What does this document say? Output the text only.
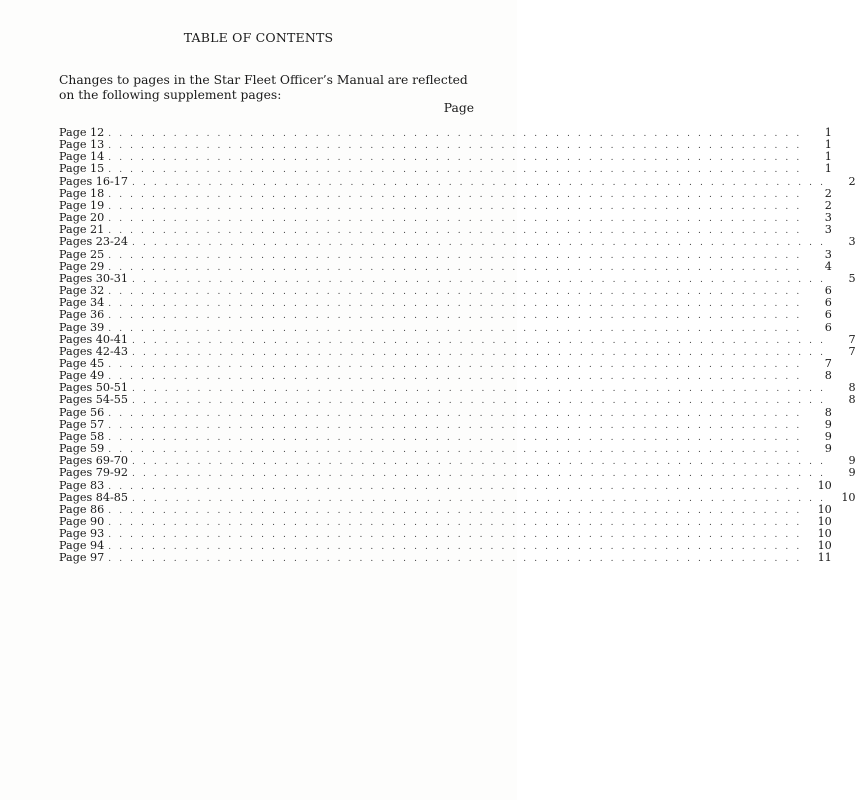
TABLE OF CONTENTS
Changes to pages in the Star Fleet Officer’s Manual are reflected on the following supplement pages:
Page
Page 12 . . . . . . . . . . . . . . . . . . . . . . . . . . . . . . . . . . . . . . . . . . . . . . . . . . . . . . . . . . . . . . . .	1
Page 13 . . . . . . . . . . . . . . . . . . . . . . . . . . . . . . . . . . . . . . . . . . . . . . . . . . . . . . . . . . . . . . . .	1
Page 14 . . . . . . . . . . . . . . . . . . . . . . . . . . . . . . . . . . . . . . . . . . . . . . . . . . . . . . . . . . . . . . . .	1
Page 15 . . . . . . . . . . . . . . . . . . . . . . . . . . . . . . . . . . . . . . . . . . . . . . . . . . . . . . . . . . . . . . . .	1
Pages 16-17 . . . . . . . . . . . . . . . . . . . . . . . . . . . . . . . . . . . . . . . . . . . . . . . . . . . . . . . . . . . . . . . .	2
Page 18 . . . . . . . . . . . . . . . . . . . . . . . . . . . . . . . . . . . . . . . . . . . . . . . . . . . . . . . . . . . . . . . .	2
Page 19 . . . . . . . . . . . . . . . . . . . . . . . . . . . . . . . . . . . . . . . . . . . . . . . . . . . . . . . . . . . . . . . .	2
Page 20 . . . . . . . . . . . . . . . . . . . . . . . . . . . . . . . . . . . . . . . . . . . . . . . . . . . . . . . . . . . . . . . .	3
Page 21 . . . . . . . . . . . . . . . . . . . . . . . . . . . . . . . . . . . . . . . . . . . . . . . . . . . . . . . . . . . . . . . .	3
Pages 23-24 . . . . . . . . . . . . . . . . . . . . . . . . . . . . . . . . . . . . . . . . . . . . . . . . . . . . . . . . . . . . . . . .	3
Page 25 . . . . . . . . . . . . . . . . . . . . . . . . . . . . . . . . . . . . . . . . . . . . . . . . . . . . . . . . . . . . . . . .	3
Page 29 . . . . . . . . . . . . . . . . . . . . . . . . . . . . . . . . . . . . . . . . . . . . . . . . . . . . . . . . . . . . . . . .	4
Pages 30-31 . . . . . . . . . . . . . . . . . . . . . . . . . . . . . . . . . . . . . . . . . . . . . . . . . . . . . . . . . . . . . . . .	5
Page 32 . . . . . . . . . . . . . . . . . . . . . . . . . . . . . . . . . . . . . . . . . . . . . . . . . . . . . . . . . . . . . . . .	6
Page 34 . . . . . . . . . . . . . . . . . . . . . . . . . . . . . . . . . . . . . . . . . . . . . . . . . . . . . . . . . . . . . . . .	6
Page 36 . . . . . . . . . . . . . . . . . . . . . . . . . . . . . . . . . . . . . . . . . . . . . . . . . . . . . . . . . . . . . . . .	6
Page 39 . . . . . . . . . . . . . . . . . . . . . . . . . . . . . . . . . . . . . . . . . . . . . . . . . . . . . . . . . . . . . . . .	6
Pages 40-41 . . . . . . . . . . . . . . . . . . . . . . . . . . . . . . . . . . . . . . . . . . . . . . . . . . . . . . . . . . . . . . . .	7
Pages 42-43 . . . . . . . . . . . . . . . . . . . . . . . . . . . . . . . . . . . . . . . . . . . . . . . . . . . . . . . . . . . . . . . .	7
Page 45 . . . . . . . . . . . . . . . . . . . . . . . . . . . . . . . . . . . . . . . . . . . . . . . . . . . . . . . . . . . . . . . .	7
Page 49 . . . . . . . . . . . . . . . . . . . . . . . . . . . . . . . . . . . . . . . . . . . . . . . . . . . . . . . . . . . . . . . .	8
Pages 50-51 . . . . . . . . . . . . . . . . . . . . . . . . . . . . . . . . . . . . . . . . . . . . . . . . . . . . . . . . . . . . . . . .	8
Pages 54-55 . . . . . . . . . . . . . . . . . . . . . . . . . . . . . . . . . . . . . . . . . . . . . . . . . . . . . . . . . . . . . . . .	8
Page 56 . . . . . . . . . . . . . . . . . . . . . . . . . . . . . . . . . . . . . . . . . . . . . . . . . . . . . . . . . . . . . . . .	8
Page 57 . . . . . . . . . . . . . . . . . . . . . . . . . . . . . . . . . . . . . . . . . . . . . . . . . . . . . . . . . . . . . . . .	9
Page 58 . . . . . . . . . . . . . . . . . . . . . . . . . . . . . . . . . . . . . . . . . . . . . . . . . . . . . . . . . . . . . . . .	9
Page 59 . . . . . . . . . . . . . . . . . . . . . . . . . . . . . . . . . . . . . . . . . . . . . . . . . . . . . . . . . . . . . . . .	9
Pages 69-70 . . . . . . . . . . . . . . . . . . . . . . . . . . . . . . . . . . . . . . . . . . . . . . . . . . . . . . . . . . . . . . . .	9
Pages 79-92 . . . . . . . . . . . . . . . . . . . . . . . . . . . . . . . . . . . . . . . . . . . . . . . . . . . . . . . . . . . . . . . .	9
Page 83 . . . . . . . . . . . . . . . . . . . . . . . . . . . . . . . . . . . . . . . . . . . . . . . . . . . . . . . . . . . . . . . .	10
Pages 84-85 . . . . . . . . . . . . . . . . . . . . . . . . . . . . . . . . . . . . . . . . . . . . . . . . . . . . . . . . . . . . . . . .	10
Page 86 . . . . . . . . . . . . . . . . . . . . . . . . . . . . . . . . . . . . . . . . . . . . . . . . . . . . . . . . . . . . . . . .	10
Page 90 . . . . . . . . . . . . . . . . . . . . . . . . . . . . . . . . . . . . . . . . . . . . . . . . . . . . . . . . . . . . . . . .	10
Page 93 . . . . . . . . . . . . . . . . . . . . . . . . . . . . . . . . . . . . . . . . . . . . . . . . . . . . . . . . . . . . . . . .	10
Page 94 . . . . . . . . . . . . . . . . . . . . . . . . . . . . . . . . . . . . . . . . . . . . . . . . . . . . . . . . . . . . . . . .	10
Page 97 . . . . . . . . . . . . . . . . . . . . . . . . . . . . . . . . . . . . . . . . . . . . . . . . . . . . . . . . . . . . . . . .	11
